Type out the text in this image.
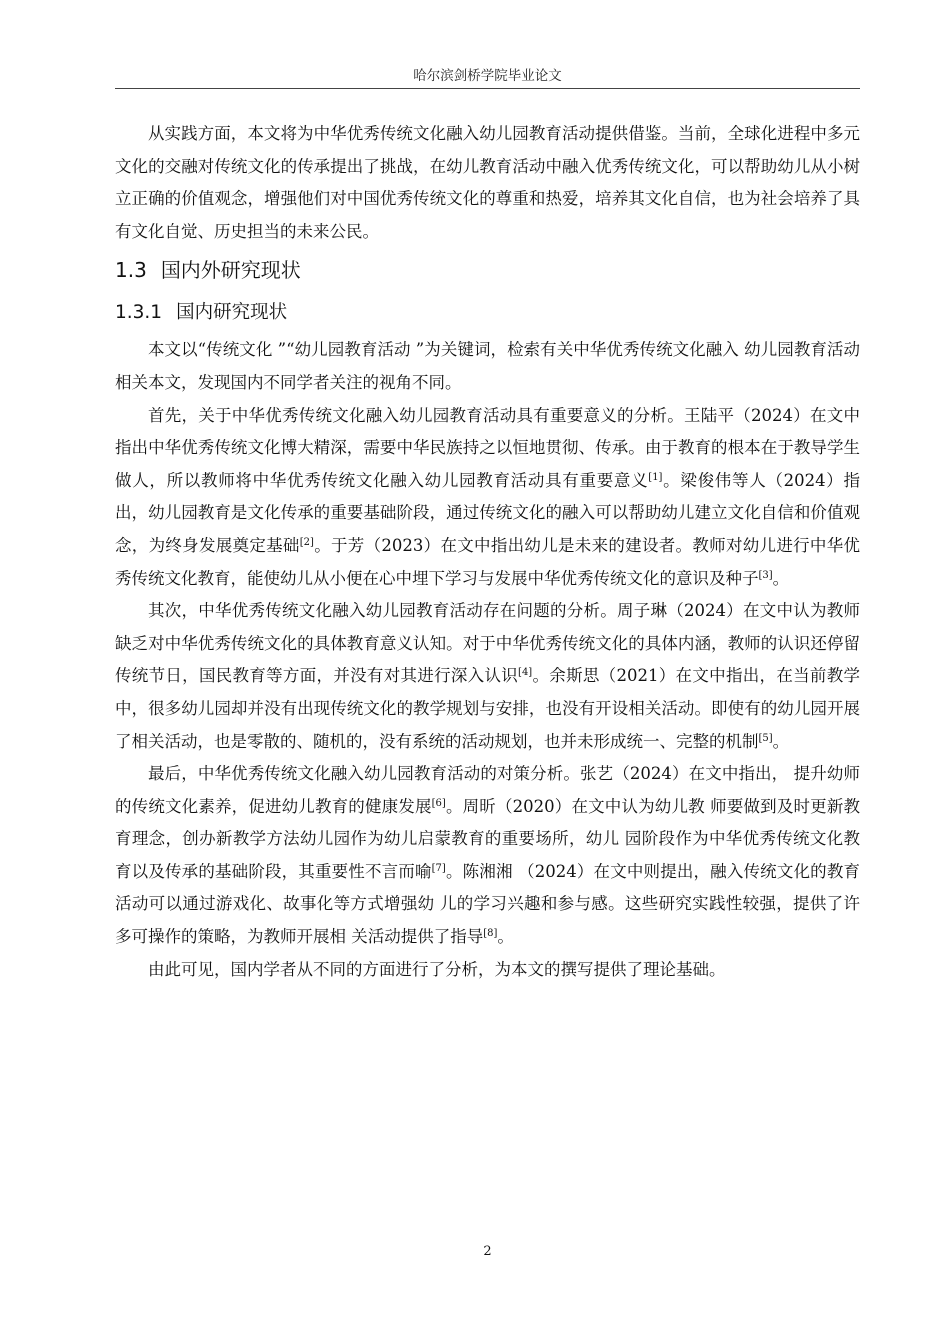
哈尔滨剑桥学院毕业论文

从实践方面，本文将为中华优秀传统文化融入幼儿园教育活动提供借鉴。当前，全球化进程中多元文化的交融对传统文化的传承提出了挑战，在幼儿教育活动中融入优秀传统文化，可以帮助幼儿从小树立正确的价值观念，增强他们对中国优秀传统文化的尊重和热爱，培养其文化自信，也为社会培养了具有文化自觉、历史担当的未来公民。

1.3 国内外研究现状
1.3.1 国内研究现状

本文以“传统文化 ”“幼儿园教育活动 ”为关键词，检索有关中华优秀传统文化融入 幼儿园教育活动相关本文，发现国内不同学者关注的视角不同。

首先，关于中华优秀传统文化融入幼儿园教育活动具有重要意义的分析。王陆平（2024）在文中指出中华优秀传统文化博大精深，需要中华民族持之以恒地贯彻、传承。由于教育的根本在于教导学生做人，所以教师将中华优秀传统文化融入幼儿园教育活动具有重要意义[1]。梁俊伟等人（2024）指出，幼儿园教育是文化传承的重要基础阶段，通过传统文化的融入可以帮助幼儿建立文化自信和价值观念，为终身发展奠定基础[2]。于芳（2023）在文中指出幼儿是未来的建设者。教师对幼儿进行中华优秀传统文化教育，能使幼儿从小便在心中埋下学习与发展中华优秀传统文化的意识及种子[3]。

其次，中华优秀传统文化融入幼儿园教育活动存在问题的分析。周子琳（2024）在文中认为教师缺乏对中华优秀传统文化的具体教育意义认知。对于中华优秀传统文化的具体内涵，教师的认识还停留传统节日，国民教育等方面，并没有对其进行深入认识[4]。余斯思（2021）在文中指出，在当前教学中，很多幼儿园却并没有出现传统文化的教学规划与安排，也没有开设相关活动。即使有的幼儿园开展了相关活动，也是零散的、随机的，没有系统的活动规划，也并未形成统一、完整的机制[5]。

最后，中华优秀传统文化融入幼儿园教育活动的对策分析。张艺（2024）在文中指出， 提升幼师的传统文化素养，促进幼儿教育的健康发展[6]。周昕（2020）在文中认为幼儿教 师要做到及时更新教育理念，创办新教学方法幼儿园作为幼儿启蒙教育的重要场所，幼儿 园阶段作为中华优秀传统文化教育以及传承的基础阶段，其重要性不言而喻[7]。陈湘湘 （2024）在文中则提出，融入传统文化的教育活动可以通过游戏化、故事化等方式增强幼 儿的学习兴趣和参与感。这些研究实践性较强，提供了许多可操作的策略，为教师开展相 关活动提供了指导[8]。

由此可见，国内学者从不同的方面进行了分析，为本文的撰写提供了理论基础。

2
